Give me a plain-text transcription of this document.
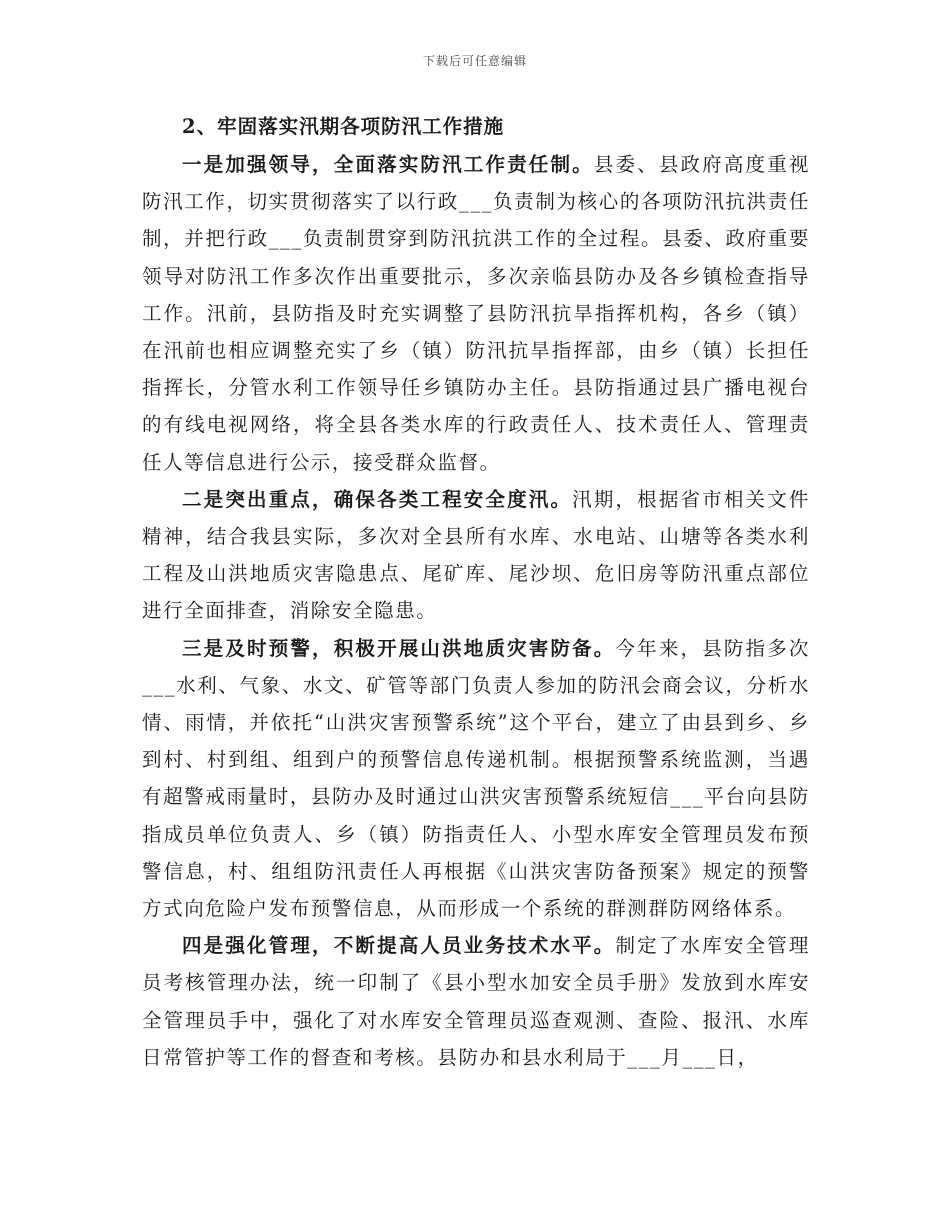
下载后可任意编辑
2、牢固落实汛期各项防汛工作措施

一是加强领导，全面落实防汛工作责任制。县委、县政府高度重视防汛工作，切实贯彻落实了以行政___负责制为核心的各项防汛抗洪责任制，并把行政___负责制贯穿到防汛抗洪工作的全过程。县委、政府重要领导对防汛工作多次作出重要批示，多次亲临县防办及各乡镇检查指导工作。汛前，县防指及时充实调整了县防汛抗旱指挥机构，各乡（镇）在汛前也相应调整充实了乡（镇）防汛抗旱指挥部，由乡（镇）长担任指挥长，分管水利工作领导任乡镇防办主任。县防指通过县广播电视台的有线电视网络，将全县各类水库的行政责任人、技术责任人、管理责任人等信息进行公示，接受群众监督。

二是突出重点，确保各类工程安全度汛。汛期，根据省市相关文件精神，结合我县实际，多次对全县所有水库、水电站、山塘等各类水利工程及山洪地质灾害隐患点、尾矿库、尾沙坝、危旧房等防汛重点部位进行全面排查，消除安全隐患。

三是及时预警，积极开展山洪地质灾害防备。今年来，县防指多次___水利、气象、水文、矿管等部门负责人参加的防汛会商会议，分析水情、雨情，并依托“山洪灾害预警系统”这个平台，建立了由县到乡、乡到村、村到组、组到户的预警信息传递机制。根据预警系统监测，当遇有超警戒雨量时，县防办及时通过山洪灾害预警系统短信___平台向县防指成员单位负责人、乡（镇）防指责任人、小型水库安全管理员发布预警信息，村、组组防汛责任人再根据《山洪灾害防备预案》规定的预警方式向危险户发布预警信息，从而形成一个系统的群测群防网络体系。

四是强化管理，不断提高人员业务技术水平。制定了水库安全管理员考核管理办法，统一印制了《县小型水加安全员手册》发放到水库安全管理员手中，强化了对水库安全管理员巡查观测、查险、报汛、水库日常管护等工作的督查和考核。县防办和县水利局于___月___日，
